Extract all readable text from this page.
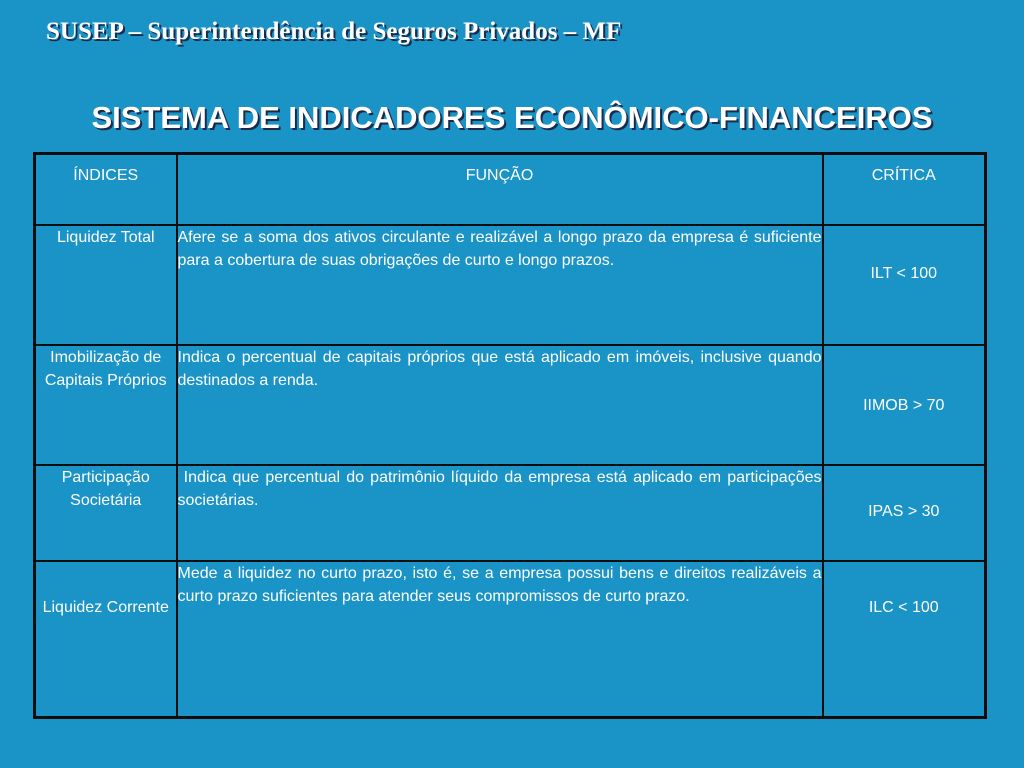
SUSEP – Superintendência de Seguros Privados – MF
SISTEMA DE INDICADORES ECONÔMICO-FINANCEIROS
ÍNDICES	FUNÇÃO	CRÍTICA
Liquidez Total	Afere se a soma dos ativos circulante e realizável a longo prazo da empresa é suficiente para a cobertura de suas obrigações de curto e longo prazos.	ILT < 100
Imobilização de Capitais Próprios	Indica o percentual de capitais próprios que está aplicado em imóveis, inclusive quando destinados a renda.	IIMOB > 70
Participação Societária	Indica que percentual do patrimônio líquido da empresa está aplicado em participações societárias.	IPAS > 30
Liquidez Corrente	Mede a liquidez no curto prazo, isto é, se a empresa possui bens e direitos realizáveis a curto prazo suficientes para atender seus compromissos de curto prazo.	ILC < 100
